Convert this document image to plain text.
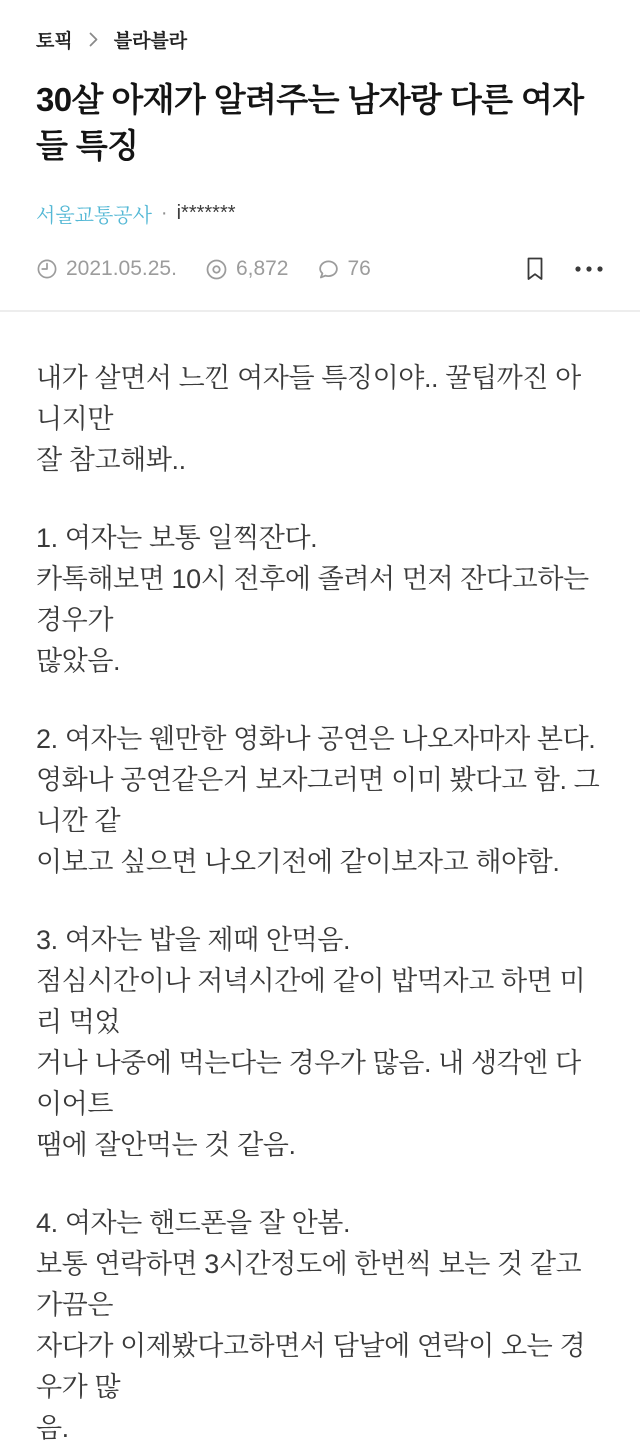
토픽 블라블라
30살 아재가 알려주는 남자랑 다른 여자들 특징
서울교통공사 · i*******
2021.05.25.	6,872	76
내가 살면서 느낀 여자들 특징이야.. 꿀팁까진 아니지만
잘 참고해봐..
1. 여자는 보통 일찍잔다.
카톡해보면 10시 전후에 졸려서 먼저 잔다고하는 경우가
많았음.
2. 여자는 웬만한 영화나 공연은 나오자마자 본다.
영화나 공연같은거 보자그러면 이미 봤다고 함. 그니깐 같
이보고 싶으면 나오기전에 같이보자고 해야함.
3. 여자는 밥을 제때 안먹음.
점심시간이나 저녁시간에 같이 밥먹자고 하면 미리 먹었
거나 나중에 먹는다는 경우가 많음. 내 생각엔 다이어트
땜에 잘안먹는 것 같음.
4. 여자는 핸드폰을 잘 안봄.
보통 연락하면 3시간정도에 한번씩 보는 것 같고 가끔은
자다가 이제봤다고하면서 담날에 연락이 오는 경우가 많
음.
